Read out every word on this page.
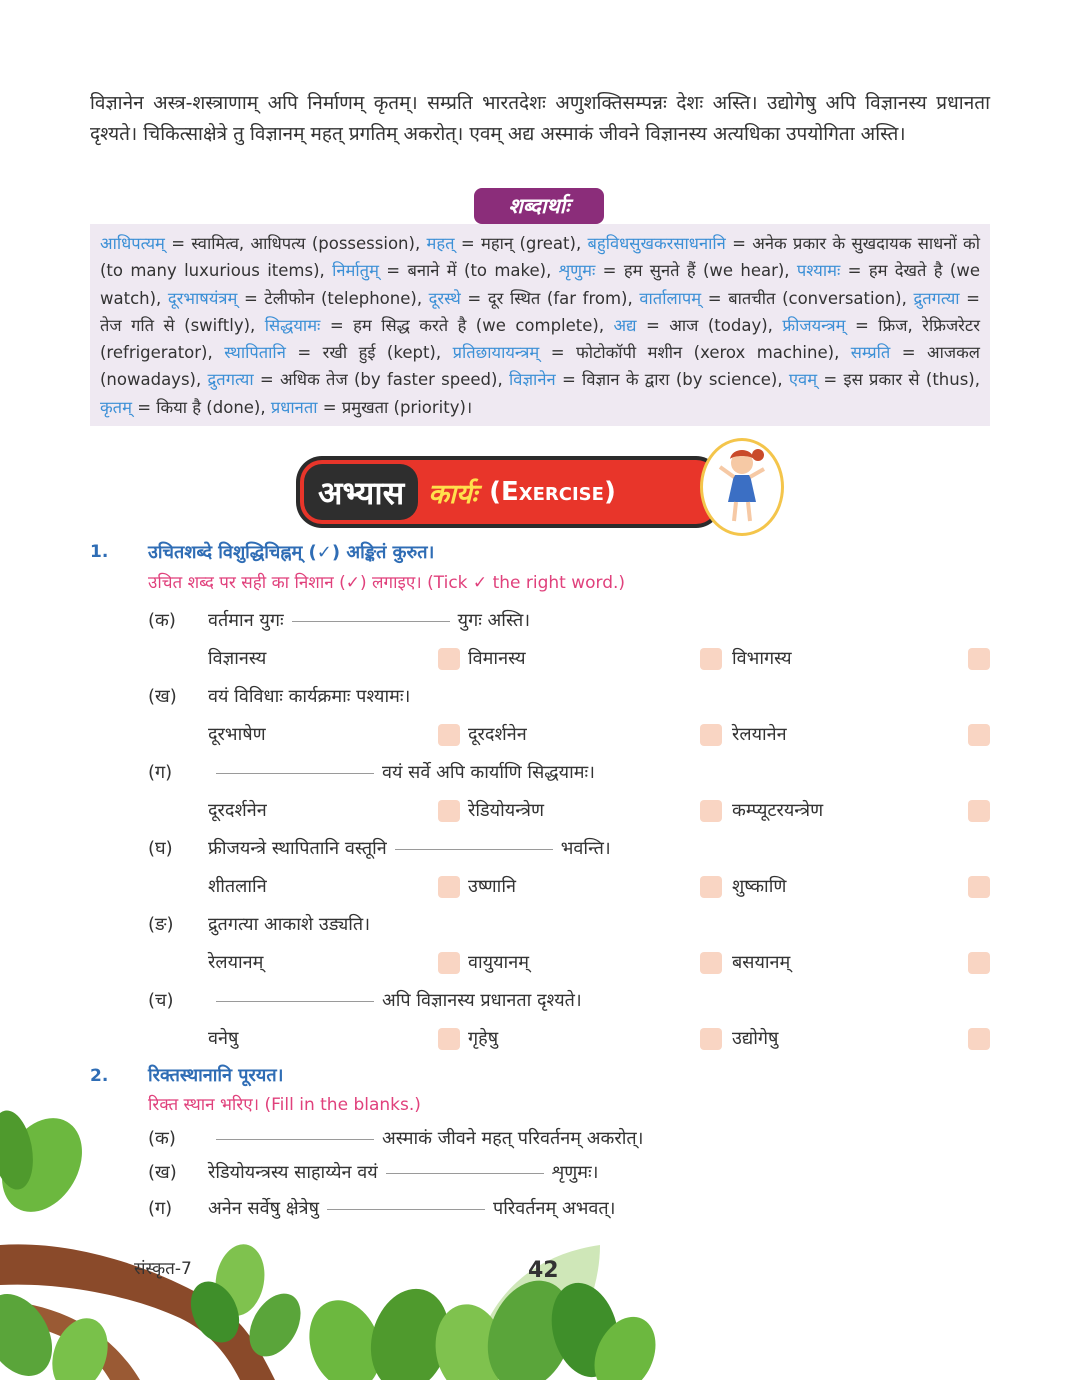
विज्ञानेन अस्त्र-शस्त्राणाम् अपि निर्माणम् कृतम्। सम्प्रति भारतदेशः अणुशक्तिसम्पन्नः देशः अस्ति। उद्योगेषु अपि विज्ञानस्य प्रधानता दृश्यते। चिकित्साक्षेत्रे तु विज्ञानम् महत् प्रगतिम् अकरोत्। एवम् अद्य अस्माकं जीवने विज्ञानस्य अत्यधिका उपयोगिता अस्ति।
शब्दार्थाः
आधिपत्यम् = स्वामित्व, आधिपत्य (possession), महत् = महान् (great), बहुविधसुखकरसाधनानि = अनेक प्रकार के सुखदायक साधनों को (to many luxurious items), निर्मातुम् = बनाने में (to make), शृणुमः = हम सुनते हैं (we hear), पश्यामः = हम देखते है (we watch), दूरभाषयंत्रम् = टेलीफोन (telephone), दूरस्थे = दूर स्थित (far from), वार्तालापम् = बातचीत (conversation), द्रुतगत्या = तेज गति से (swiftly), सिद्धयामः = हम सिद्ध करते है (we complete), अद्य = आज (today), फ्रीजयन्त्रम् = फ्रिज, रेफ्रिजरेटर (refrigerator), स्थापितानि = रखी हुई (kept), प्रतिछायायन्त्रम् = फोटोकॉपी मशीन (xerox machine), सम्प्रति = आजकल (nowadays), द्रुतगत्या = अधिक तेज (by faster speed), विज्ञानेन = विज्ञान के द्वारा (by science), एवम् = इस प्रकार से (thus), कृतम् = किया है (done), प्रधानता = प्रमुखता (priority)।
अभ्यास कार्यः (Exercise)
1. उचितशब्दे विशुद्धिचिह्नम् (✓) अङ्कितं कुरुत।
उचित शब्द पर सही का निशान (✓) लगाइए। (Tick ✓ the right word.)
(क) वर्तमान युगः	युगः अस्ति।
विज्ञानस्य	विमानस्य	विभागस्य
(ख) वयं विविधाः कार्यक्रमाः पश्यामः।
दूरभाषेण	दूरदर्शनेन	रेलयानेन
(ग)	वयं सर्वे अपि कार्याणि सिद्धयामः।
दूरदर्शनेन	रेडियोयन्त्रेण	कम्प्यूटरयन्त्रेण
(घ) फ्रीजयन्त्रे स्थापितानि वस्तूनि	भवन्ति।
शीतलानि	उष्णानि	शुष्काणि
(ङ) द्रुतगत्या आकाशे उड्यति।
रेलयानम्	वायुयानम्	बसयानम्
(च)	अपि विज्ञानस्य प्रधानता दृश्यते।
वनेषु	गृहेषु	उद्योगेषु
2. रिक्तस्थानानि पूरयत।
रिक्त स्थान भरिए। (Fill in the blanks.)
(क)	अस्माकं जीवने महत् परिवर्तनम् अकरोत्।
(ख) रेडियोयन्त्रस्य साहाय्येन वयं	शृणुमः।
(ग) अनेन सर्वेषु क्षेत्रेषु	परिवर्तनम् अभवत्।
संस्कृत-7	42
